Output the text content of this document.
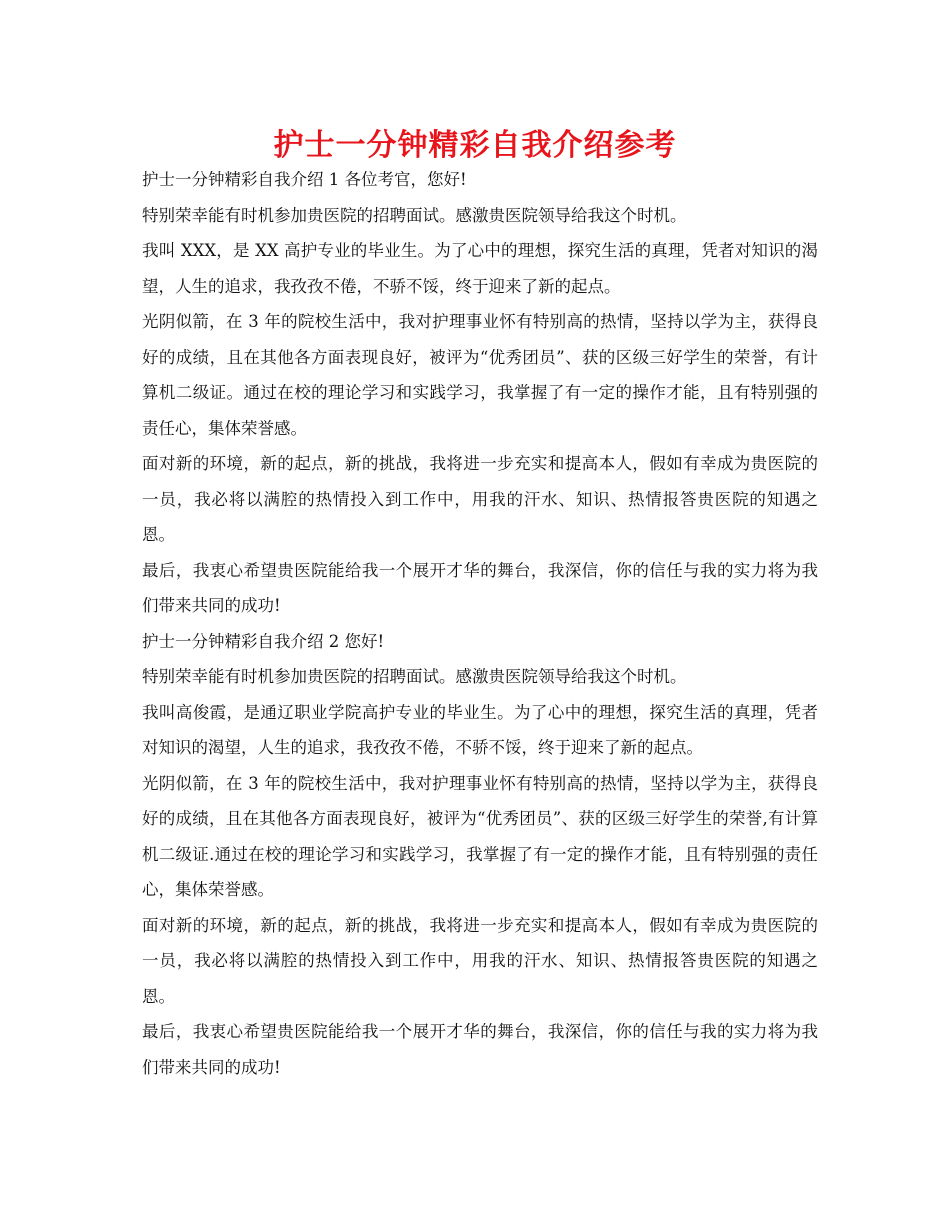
护士一分钟精彩自我介绍参考

护士一分钟精彩自我介绍 1 各位考官，您好!

特别荣幸能有时机参加贵医院的招聘面试。感激贵医院领导给我这个时机。

我叫 XXX，是 XX 高护专业的毕业生。为了心中的理想，探究生活的真理，凭者对知识的渴望，人生的追求，我孜孜不倦，不骄不馁，终于迎来了新的起点。

光阴似箭，在 3 年的院校生活中，我对护理事业怀有特别高的热情，坚持以学为主，获得良好的成绩，且在其他各方面表现良好，被评为“优秀团员”、获的区级三好学生的荣誉，有计算机二级证。通过在校的理论学习和实践学习，我掌握了有一定的操作才能，且有特别强的责任心，集体荣誉感。

面对新的环境，新的起点，新的挑战，我将进一步充实和提高本人，假如有幸成为贵医院的一员，我必将以满腔的热情投入到工作中，用我的汗水、知识、热情报答贵医院的知遇之恩。

最后，我衷心希望贵医院能给我一个展开才华的舞台，我深信，你的信任与我的实力将为我们带来共同的成功!

护士一分钟精彩自我介绍 2 您好!

特别荣幸能有时机参加贵医院的招聘面试。感激贵医院领导给我这个时机。

我叫高俊霞，是通辽职业学院高护专业的毕业生。为了心中的理想，探究生活的真理，凭者对知识的渴望，人生的追求，我孜孜不倦，不骄不馁，终于迎来了新的起点。

光阴似箭，在 3 年的院校生活中，我对护理事业怀有特别高的热情，坚持以学为主，获得良好的成绩，且在其他各方面表现良好，被评为“优秀团员”、获的区级三好学生的荣誉,有计算机二级证.通过在校的理论学习和实践学习，我掌握了有一定的操作才能，且有特别强的责任心，集体荣誉感。

面对新的环境，新的起点，新的挑战，我将进一步充实和提高本人，假如有幸成为贵医院的一员，我必将以满腔的热情投入到工作中，用我的汗水、知识、热情报答贵医院的知遇之恩。

最后，我衷心希望贵医院能给我一个展开才华的舞台，我深信，你的信任与我的实力将为我们带来共同的成功!
